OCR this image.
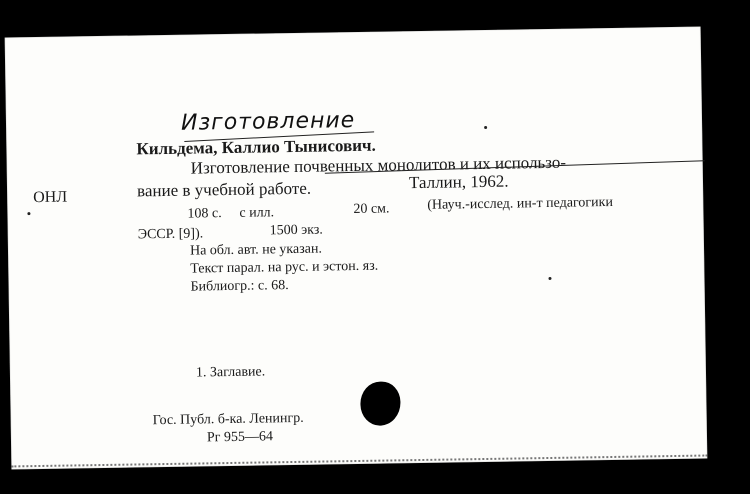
Изготовление
ОНЛ
Кильдема, Каллио Тынисович.
Изготовление почвенных монолитов и их использо-
вание в учебной работе.	Таллин, 1962.
108 с. с илл.	20 см.	(Науч.-исслед. ин-т педагогики
ЭССР. [9]).	1500 экз.
На обл. авт. не указан.
Текст парал. на рус. и эстон. яз.
Библиогр.: с. 68.
1. Заглавие.
Гос. Публ. б-ка. Ленингр.
Рг 955—64
